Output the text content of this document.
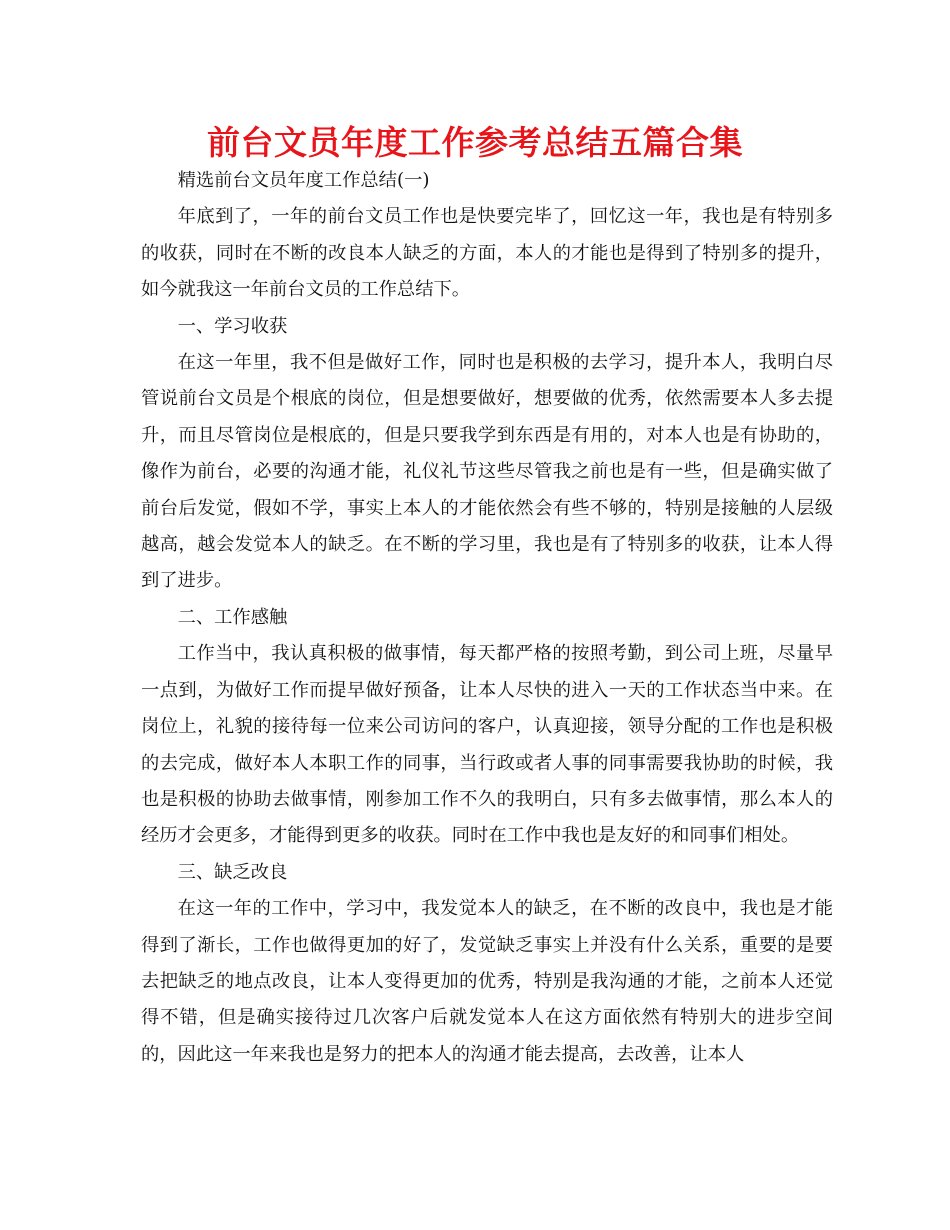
前台文员年度工作参考总结五篇合集

精选前台文员年度工作总结(一)

年底到了，一年的前台文员工作也是快要完毕了，回忆这一年，我也是有特别多的收获，同时在不断的改良本人缺乏的方面，本人的才能也是得到了特别多的提升，如今就我这一年前台文员的工作总结下。

一、学习收获

在这一年里，我不但是做好工作，同时也是积极的去学习，提升本人，我明白尽管说前台文员是个根底的岗位，但是想要做好，想要做的优秀，依然需要本人多去提升，而且尽管岗位是根底的，但是只要我学到东西是有用的，对本人也是有协助的，像作为前台，必要的沟通才能，礼仪礼节这些尽管我之前也是有一些，但是确实做了前台后发觉，假如不学，事实上本人的才能依然会有些不够的，特别是接触的人层级越高，越会发觉本人的缺乏。在不断的学习里，我也是有了特别多的收获，让本人得到了进步。

二、工作感触

工作当中，我认真积极的做事情，每天都严格的按照考勤，到公司上班，尽量早一点到，为做好工作而提早做好预备，让本人尽快的进入一天的工作状态当中来。在岗位上，礼貌的接待每一位来公司访问的客户，认真迎接，领导分配的工作也是积极的去完成，做好本人本职工作的同事，当行政或者人事的同事需要我协助的时候，我也是积极的协助去做事情，刚参加工作不久的我明白，只有多去做事情，那么本人的经历才会更多，才能得到更多的收获。同时在工作中我也是友好的和同事们相处。

三、缺乏改良

在这一年的工作中，学习中，我发觉本人的缺乏，在不断的改良中，我也是才能得到了渐长，工作也做得更加的好了，发觉缺乏事实上并没有什么关系，重要的是要去把缺乏的地点改良，让本人变得更加的优秀，特别是我沟通的才能，之前本人还觉得不错，但是确实接待过几次客户后就发觉本人在这方面依然有特别大的进步空间的，因此这一年来我也是努力的把本人的沟通才能去提高，去改善，让本人
